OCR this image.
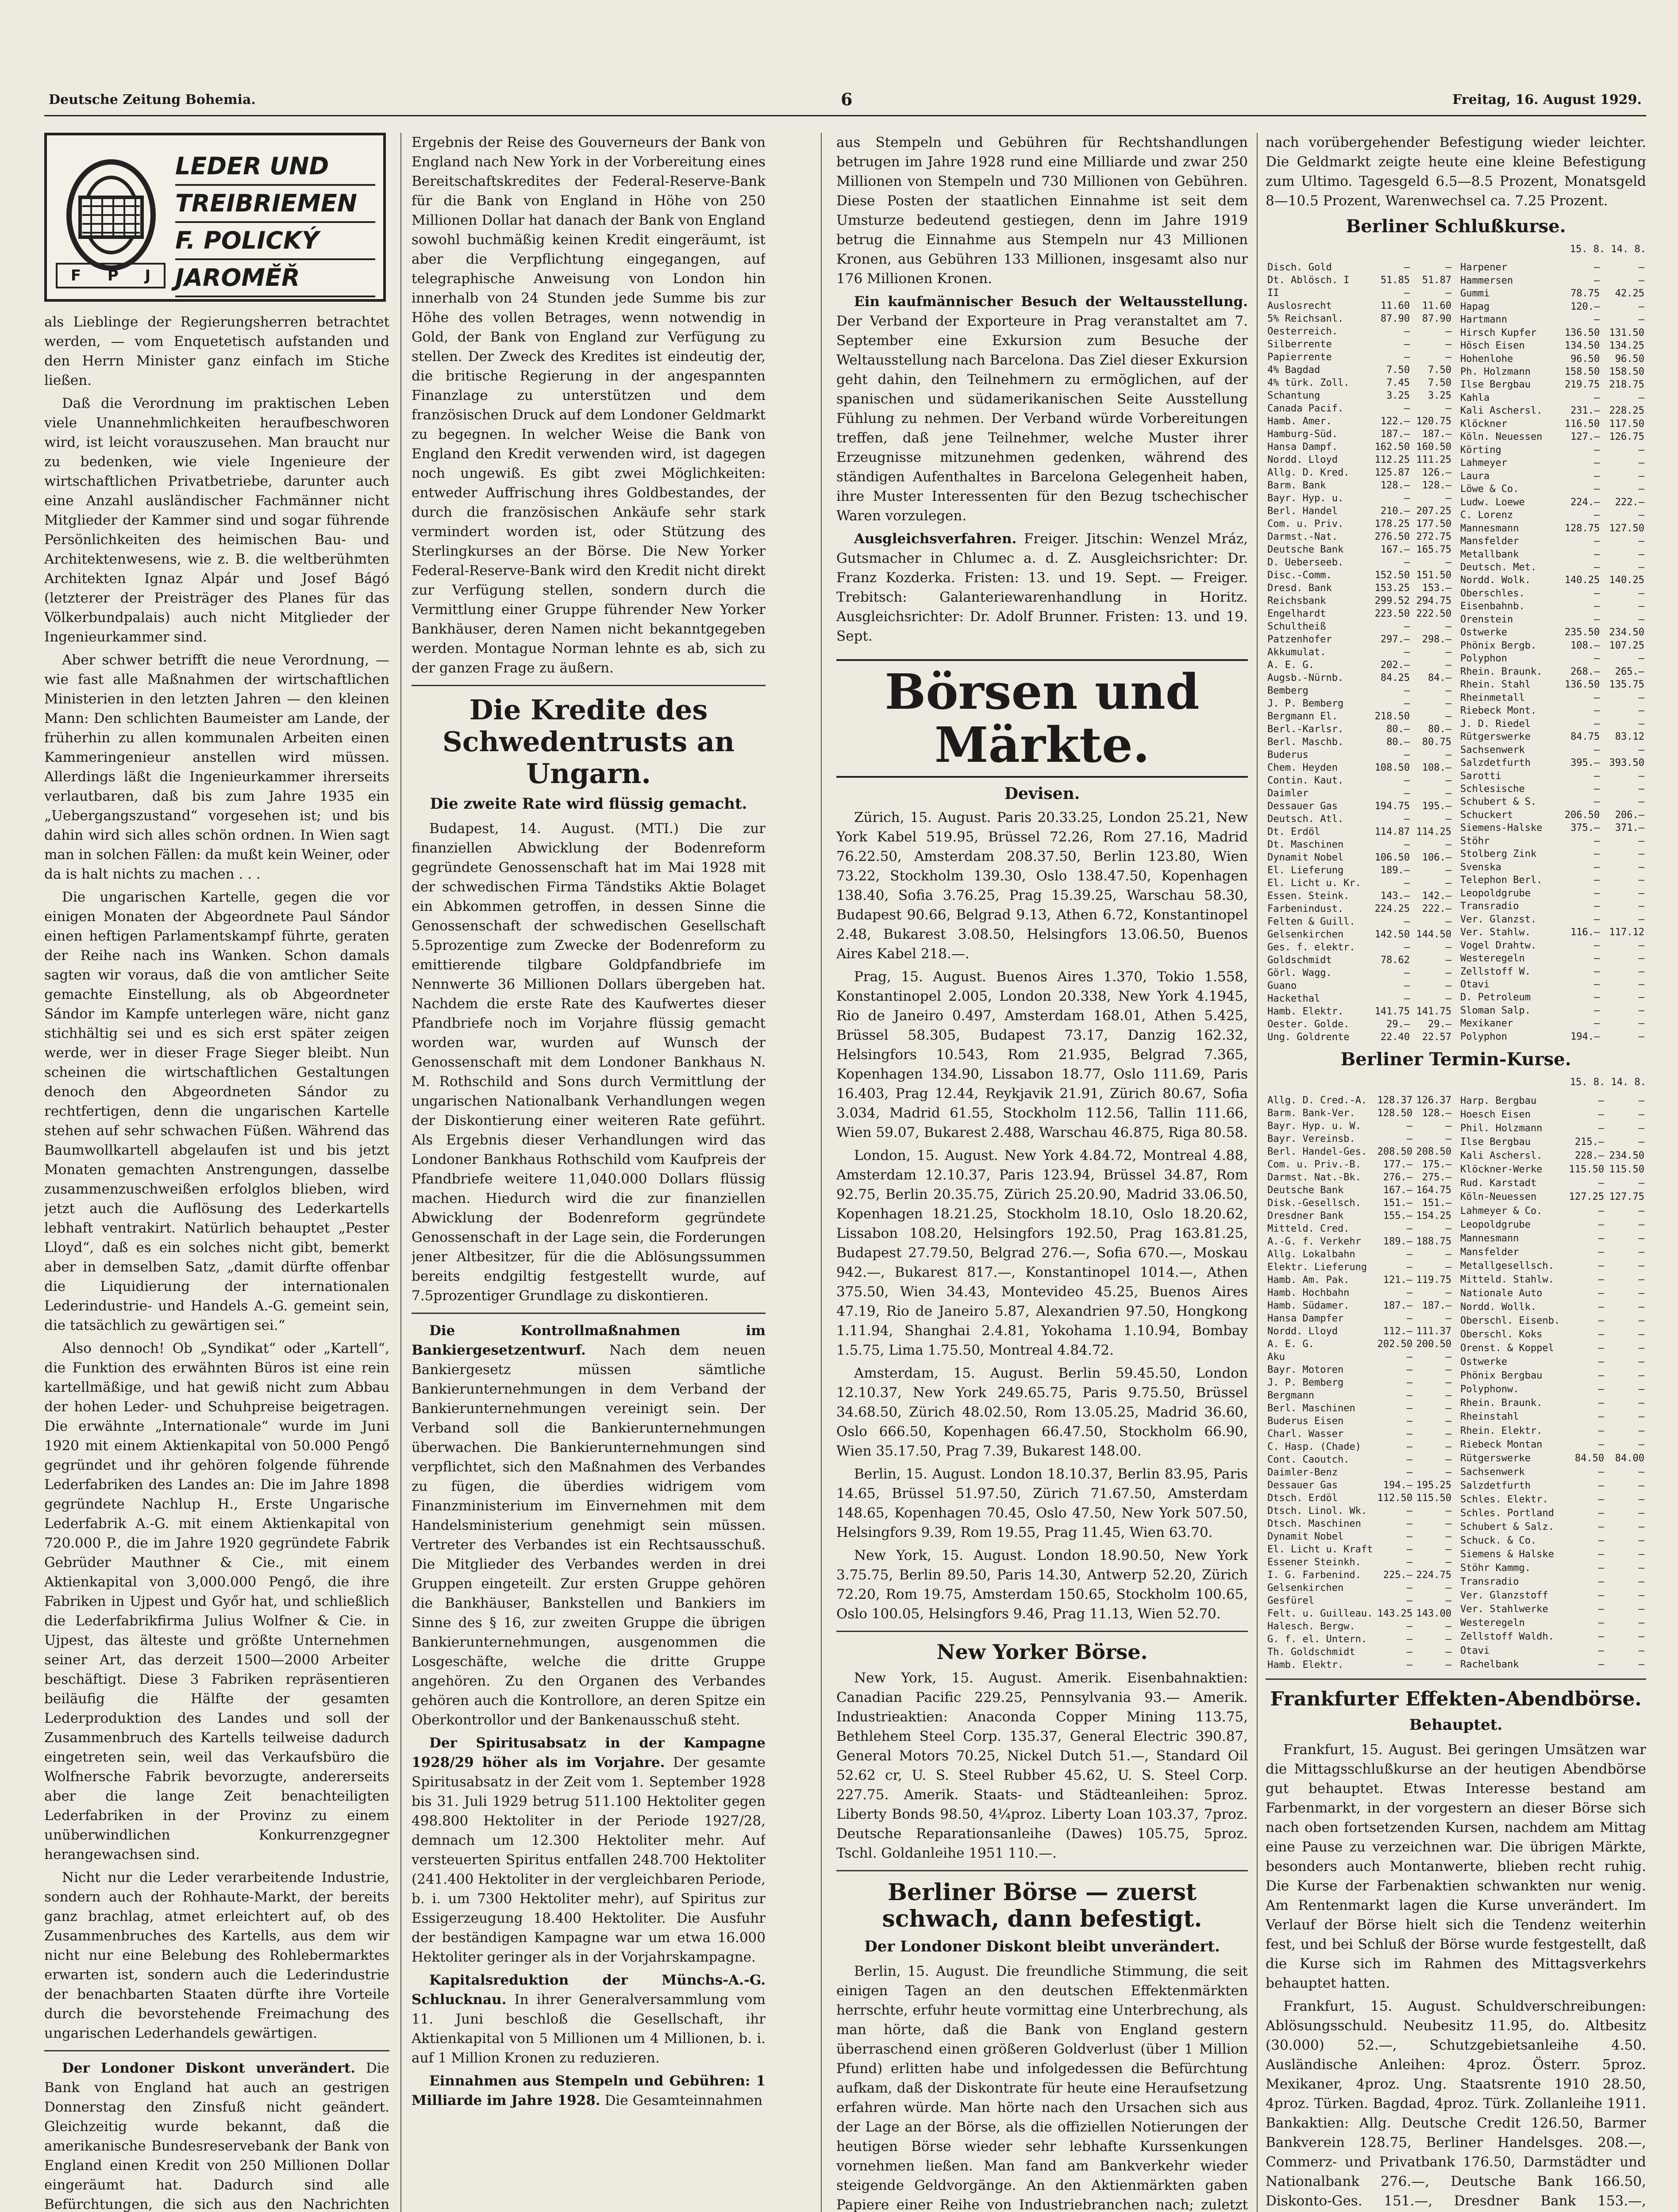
Deutsche Zeitung Bohemia.	6	Freitag, 16. August 1929.
LEDER UND
TREIBRIEMEN
F. POLICKÝ
JAROMĚŘ
F P J

als Lieblinge der Regierungsherren betrachtet werden, — vom Enquetetisch aufstanden und den Herrn Minister ganz einfach im Stiche ließen.

Daß die Verordnung im praktischen Leben viele Unannehmlichkeiten heraufbeschworen wird, ist leicht vorauszusehen. Man braucht nur zu bedenken, wie viele Ingenieure der wirtschaftlichen Privatbetriebe, darunter auch eine Anzahl ausländischer Fachmänner nicht Mitglieder der Kammer sind und sogar führende Persönlichkeiten des heimischen Bau- und Architektenwesens, wie z. B. die weltberühmten Architekten Ignaz Alpár und Josef Bágó (letzterer der Preisträger des Planes für das Völkerbundpalais) auch nicht Mitglieder der Ingenieurkammer sind.

Aber schwer betrifft die neue Verordnung, — wie fast alle Maßnahmen der wirtschaftlichen Ministerien in den letzten Jahren — den kleinen Mann: Den schlichten Baumeister am Lande, der früherhin zu allen kommunalen Arbeiten einen Kammeringenieur anstellen wird müssen. Allerdings läßt die Ingenieurkammer ihrerseits verlautbaren, daß bis zum Jahre 1935 ein „Uebergangszustand“ vorgesehen ist; und bis dahin wird sich alles schön ordnen. In Wien sagt man in solchen Fällen: da mußt kein Weiner, oder da is halt nichts zu machen . . .

Die ungarischen Kartelle, gegen die vor einigen Monaten der Abgeordnete Paul Sándor einen heftigen Parlamentskampf führte, geraten der Reihe nach ins Wanken. Schon damals sagten wir voraus, daß die von amtlicher Seite gemachte Einstellung, als ob Abgeordneter Sándor im Kampfe unterlegen wäre, nicht ganz stichhältig sei und es sich erst später zeigen werde, wer in dieser Frage Sieger bleibt. Nun scheinen die wirtschaftlichen Gestaltungen denoch den Abgeordneten Sándor zu rechtfertigen, denn die ungarischen Kartelle stehen auf sehr schwachen Füßen. Während das Baumwollkartell abgelaufen ist und bis jetzt Monaten gemachten Anstrengungen, dasselbe zusammenzuschweißen erfolglos blieben, wird jetzt auch die Auflösung des Lederkartells lebhaft ventrakirt. Natürlich behauptet „Pester Lloyd“, daß es ein solches nicht gibt, bemerkt aber in demselben Satz, „damit dürfte offenbar die Liquidierung der internationalen Lederindustrie- und Handels A.-G. gemeint sein, die tatsächlich zu gewärtigen sei.“

Also dennoch! Ob „Syndikat“ oder „Kartell“, die Funktion des erwähnten Büros ist eine rein kartellmäßige, und hat gewiß nicht zum Abbau der hohen Leder- und Schuhpreise beigetragen. Die erwähnte „Internationale“ wurde im Juni 1920 mit einem Aktienkapital von 50.000 Pengő gegründet und ihr gehören folgende führende Lederfabriken des Landes an: Die im Jahre 1898 gegründete Nachlup H., Erste Ungarische Lederfabrik A.-G. mit einem Aktienkapital von 720.000 P., die im Jahre 1920 gegründete Fabrik Gebrüder Mauthner & Cie., mit einem Aktienkapital von 3,000.000 Pengő, die ihre Fabriken in Ujpest und Győr hat, und schließlich die Lederfabrikfirma Julius Wolfner & Cie. in Ujpest, das älteste und größte Unternehmen seiner Art, das derzeit 1500—2000 Arbeiter beschäftigt. Diese 3 Fabriken repräsentieren beiläufig die Hälfte der gesamten Lederproduktion des Landes und soll der Zusammenbruch des Kartells teilweise dadurch eingetreten sein, weil das Verkaufsbüro die Wolfnersche Fabrik bevorzugte, andererseits aber die lange Zeit benachteiligten Lederfabriken in der Provinz zu einem unüberwindlichen Konkurrenzgegner herangewachsen sind.

Nicht nur die Leder verarbeitende Industrie, sondern auch der Rohhaute-Markt, der bereits ganz brachlag, atmet erleichtert auf, ob des Zusammenbruches des Kartells, aus dem wir nicht nur eine Belebung des Rohlebermarktes erwarten ist, sondern auch die Lederindustrie der benachbarten Staaten dürfte ihre Vorteile durch die bevorstehende Freimachung des ungarischen Lederhandels gewärtigen.

Der Londoner Diskont unverändert. Die Bank von England hat auch an gestrigen Donnerstag den Zinsfuß nicht geändert. Gleichzeitig wurde bekannt, daß die amerikanische Bundesreservebank der Bank von England einen Kredit von 250 Millionen Dollar eingeräumt hat. Dadurch sind alle Befürchtungen, die sich aus den Nachrichten

Ergebnis der Reise des Gouverneurs der Bank von England nach New York in der Vorbereitung eines Bereitschaftskredites der Federal-Reserve-Bank für die Bank von England in Höhe von 250 Millionen Dollar hat danach der Bank von England sowohl buchmäßig keinen Kredit eingeräumt, ist aber die Verpflichtung eingegangen, auf telegraphische Anweisung von London hin innerhalb von 24 Stunden jede Summe bis zur Höhe des vollen Betrages, wenn notwendig in Gold, der Bank von England zur Verfügung zu stellen. Der Zweck des Kredites ist eindeutig der, die britische Regierung in der angespannten Finanzlage zu unterstützen und dem französischen Druck auf dem Londoner Geldmarkt zu begegnen. In welcher Weise die Bank von England den Kredit verwenden wird, ist dagegen noch ungewiß. Es gibt zwei Möglichkeiten: entweder Auffrischung ihres Goldbestandes, der durch die französischen Ankäufe sehr stark vermindert worden ist, oder Stützung des Sterlingkurses an der Börse. Die New Yorker Federal-Reserve-Bank wird den Kredit nicht direkt zur Verfügung stellen, sondern durch die Vermittlung einer Gruppe führender New Yorker Bankhäuser, deren Namen nicht bekanntgegeben werden. Montague Norman lehnte es ab, sich zu der ganzen Frage zu äußern.

Die Kredite des Schwedentrusts an Ungarn.
Die zweite Rate wird flüssig gemacht.

Budapest, 14. August. (MTI.) Die zur finanziellen Abwicklung der Bodenreform gegründete Genossenschaft hat im Mai 1928 mit der schwedischen Firma Tändstiks Aktie Bolaget ein Abkommen getroffen, in dessen Sinne die Genossenschaft der schwedischen Gesellschaft 5.5prozentige zum Zwecke der Bodenreform zu emittierende tilgbare Goldpfandbriefe im Nennwerte 36 Millionen Dollars übergeben hat. Nachdem die erste Rate des Kaufwertes dieser Pfandbriefe noch im Vorjahre flüssig gemacht worden war, wurden auf Wunsch der Genossenschaft mit dem Londoner Bankhaus N. M. Rothschild and Sons durch Vermittlung der ungarischen Nationalbank Verhandlungen wegen der Diskontierung einer weiteren Rate geführt. Als Ergebnis dieser Verhandlungen wird das Londoner Bankhaus Rothschild vom Kaufpreis der Pfandbriefe weitere 11,040.000 Dollars flüssig machen. Hiedurch wird die zur finanziellen Abwicklung der Bodenreform gegründete Genossenschaft in der Lage sein, die Forderungen jener Altbesitzer, für die die Ablösungssummen bereits endgiltig festgestellt wurde, auf 7.5prozentiger Grundlage zu diskontieren.

Die Kontrollmaßnahmen im Bankiergesetzentwurf. Nach dem neuen Bankiergesetz müssen sämtliche Bankierunternehmungen in dem Verband der Bankierunternehmungen vereinigt sein. Der Verband soll die Bankierunternehmungen überwachen. Die Bankierunternehmungen sind verpflichtet, sich den Maßnahmen des Verbandes zu fügen, die überdies widrigem vom Finanzministerium im Einvernehmen mit dem Handelsministerium genehmigt sein müssen. Vertreter des Verbandes ist ein Rechtsausschuß. Die Mitglieder des Verbandes werden in drei Gruppen eingeteilt. Zur ersten Gruppe gehören die Bankhäuser, Bankstellen und Bankiers im Sinne des § 16, zur zweiten Gruppe die übrigen Bankierunternehmungen, ausgenommen die Losgeschäfte, welche die dritte Gruppe angehören. Zu den Organen des Verbandes gehören auch die Kontrollore, an deren Spitze ein Oberkontrollor und der Bankenausschuß steht.

Der Spiritusabsatz in der Kampagne 1928/29 höher als im Vorjahre. Der gesamte Spiritusabsatz in der Zeit vom 1. September 1928 bis 31. Juli 1929 betrug 511.100 Hektoliter gegen 498.800 Hektoliter in der Periode 1927/28, demnach um 12.300 Hektoliter mehr. Auf versteuerten Spiritus entfallen 248.700 Hektoliter (241.400 Hektoliter in der vergleichbaren Periode, b. i. um 7300 Hektoliter mehr), auf Spiritus zur Essigerzeugung 18.400 Hektoliter. Die Ausfuhr der beständigen Kampagne war um etwa 16.000 Hektoliter geringer als in der Vorjahrskampagne.

Kapitalsreduktion der Münchs-A.-G. Schlucknau. In ihrer Generalversammlung vom 11. Juni beschloß die Gesellschaft, ihr Aktienkapital von 5 Millionen um 4 Millionen, b. i. auf 1 Million Kronen zu reduzieren.

Einnahmen aus Stempeln und Gebühren: 1 Milliarde im Jahre 1928. Die Gesamteinnahmen

aus Stempeln und Gebühren für Rechtshandlungen betrugen im Jahre 1928 rund eine Milliarde und zwar 250 Millionen von Stempeln und 730 Millionen von Gebühren. Diese Posten der staatlichen Einnahme ist seit dem Umsturze bedeutend gestiegen, denn im Jahre 1919 betrug die Einnahme aus Stempeln nur 43 Millionen Kronen, aus Gebühren 133 Millionen, insgesamt also nur 176 Millionen Kronen.

Ein kaufmännischer Besuch der Weltausstellung. Der Verband der Exporteure in Prag veranstaltet am 7. September eine Exkursion zum Besuche der Weltausstellung nach Barcelona. Das Ziel dieser Exkursion geht dahin, den Teilnehmern zu ermöglichen, auf der spanischen und südamerikanischen Seite Ausstellung Fühlung zu nehmen. Der Verband würde Vorbereitungen treffen, daß jene Teilnehmer, welche Muster ihrer Erzeugnisse mitzunehmen gedenken, während des ständigen Aufenthaltes in Barcelona Gelegenheit haben, ihre Muster Interessenten für den Bezug tschechischer Waren vorzulegen.

Ausgleichsverfahren. Freiger. Jitschin: Wenzel Mráz, Gutsmacher in Chlumec a. d. Z. Ausgleichsrichter: Dr. Franz Kozderka. Fristen: 13. und 19. Sept. — Freiger. Trebitsch: Galanteriewarenhandlung in Horitz. Ausgleichsrichter: Dr. Adolf Brunner. Fristen: 13. und 19. Sept.

Börsen und Märkte.
Devisen.

Zürich, 15. August. Paris 20.33.25, London 25.21, New York Kabel 519.95, Brüssel 72.26, Rom 27.16, Madrid 76.22.50, Amsterdam 208.37.50, Berlin 123.80, Wien 73.22, Stockholm 139.30, Oslo 138.47.50, Kopenhagen 138.40, Sofia 3.76.25, Prag 15.39.25, Warschau 58.30, Budapest 90.66, Belgrad 9.13, Athen 6.72, Konstantinopel 2.48, Bukarest 3.08.50, Helsingfors 13.06.50, Buenos Aires Kabel 218.—.

Prag, 15. August. Buenos Aires 1.370, Tokio 1.558, Konstantinopel 2.005, London 20.338, New York 4.1945, Rio de Janeiro 0.497, Amsterdam 168.01, Athen 5.425, Brüssel 58.305, Budapest 73.17, Danzig 162.32, Helsingfors 10.543, Rom 21.935, Belgrad 7.365, Kopenhagen 134.90, Lissabon 18.77, Oslo 111.69, Paris 16.403, Prag 12.44, Reykjavik 21.91, Zürich 80.67, Sofia 3.034, Madrid 61.55, Stockholm 112.56, Tallin 111.66, Wien 59.07, Bukarest 2.488, Warschau 46.875, Riga 80.58.

London, 15. August. New York 4.84.72, Montreal 4.88, Amsterdam 12.10.37, Paris 123.94, Brüssel 34.87, Rom 92.75, Berlin 20.35.75, Zürich 25.20.90, Madrid 33.06.50, Kopenhagen 18.21.25, Stockholm 18.10, Oslo 18.20.62, Lissabon 108.20, Helsingfors 192.50, Prag 163.81.25, Budapest 27.79.50, Belgrad 276.—, Sofia 670.—, Moskau 942.—, Bukarest 817.—, Konstantinopel 1014.—, Athen 375.50, Wien 34.43, Montevideo 45.25, Buenos Aires 47.19, Rio de Janeiro 5.87, Alexandrien 97.50, Hongkong 1.11.94, Shanghai 2.4.81, Yokohama 1.10.94, Bombay 1.5.75, Lima 1.75.50, Montreal 4.84.72.

Amsterdam, 15. August. Berlin 59.45.50, London 12.10.37, New York 249.65.75, Paris 9.75.50, Brüssel 34.68.50, Zürich 48.02.50, Rom 13.05.25, Madrid 36.60, Oslo 666.50, Kopenhagen 66.47.50, Stockholm 66.90, Wien 35.17.50, Prag 7.39, Bukarest 148.00.

Berlin, 15. August. London 18.10.37, Berlin 83.95, Paris 14.65, Brüssel 51.97.50, Zürich 71.67.50, Amsterdam 148.65, Kopenhagen 70.45, Oslo 47.50, New York 507.50, Helsingfors 9.39, Rom 19.55, Prag 11.45, Wien 63.70.

New York, 15. August. London 18.90.50, New York 3.75.75, Berlin 89.50, Paris 14.30, Antwerp 52.20, Zürich 72.20, Rom 19.75, Amsterdam 150.65, Stockholm 100.65, Oslo 100.05, Helsingfors 9.46, Prag 11.13, Wien 52.70.

New Yorker Börse.

New York, 15. August. Amerik. Eisenbahnaktien: Canadian Pacific 229.25, Pennsylvania 93.— Amerik. Industrieaktien: Anaconda Copper Mining 113.75, Bethlehem Steel Corp. 135.37, General Electric 390.87, General Motors 70.25, Nickel Dutch 51.—, Standard Oil 52.62 cr, U. S. Steel Rubber 45.62, U. S. Steel Corp. 227.75. Amerik. Staats- und Städteanleihen: 5proz. Liberty Bonds 98.50, 4¼proz. Liberty Loan 103.37, 7proz. Deutsche Reparationsanleihe (Dawes) 105.75, 5proz. Tschl. Goldanleihe 1951 110.—.

Berliner Börse — zuerst schwach, dann befestigt.
Der Londoner Diskont bleibt unverändert.

Berlin, 15. August. Die freundliche Stimmung, die seit einigen Tagen an den deutschen Effektenmärkten herrschte, erfuhr heute vormittag eine Unterbrechung, als man hörte, daß die Bank von England gestern überraschend einen größeren Goldverlust (über 1 Million Pfund) erlitten habe und infolgedessen die Befürchtung aufkam, daß der Diskontrate für heute eine Heraufsetzung erfahren würde. Man hörte nach den Ursachen sich aus der Lage an der Börse, als die offiziellen Notierungen der heutigen Börse wieder sehr lebhafte Kurssenkungen vornehmen ließen. Man fand am Bankverkehr wieder steigende Geldvorgänge. An den Aktienmärkten gaben Papiere einer Reihe von Industriebranchen nach; zuletzt

nach vorübergehender Befestigung wieder leichter. Die Geldmarkt zeigte heute eine kleine Befestigung zum Ultimo. Tagesgeld 6.5—8.5 Prozent, Monatsgeld 8—10.5 Prozent, Warenwechsel ca. 7.25 Prozent.

Berliner Schlußkurse.
15. 8. 14. 8.
Disch. Gold	—	—
Dt. Ablösch. I	51.85	51.87
II	—	—
Auslosrecht	11.60	11.60
5% Reichsanl.	87.90	87.90
Oesterreich.	—	—
Silberrente	—	—
Papierrente	—	—
4% Bagdad	7.50	7.50
4% türk. Zoll.	7.45	7.50
Schantung	3.25	3.25
Canada Pacif.	—	—
Hamb. Amer.	122.—	120.75
Hamburg-Süd.	187.—	187.—
Hansa Dampf.	162.50	160.50
Nordd. Lloyd	112.25	111.25
Allg. D. Kred.	125.87	126.—
Barm. Bank	128.—	128.—
Bayr. Hyp. u.	—	—
Berl. Handel	210.—	207.25
Com. u. Priv.	178.25	177.50
Darmst.-Nat.	276.50	272.75
Deutsche Bank	167.—	165.75
D. Ueberseeb.	—	—
Disc.-Comm.	152.50	151.50
Dresd. Bank	153.25	153.—
Reichsbank	299.52	294.75
Engelhardt	223.50	222.50
Schultheiß	—	—
Patzenhofer	297.—	298.—
Akkumulat.	—	—
A. E. G.	202.—	—
Augsb.-Nürnb.	84.25	84.—
Bemberg	—	—
J. P. Bemberg	—	—
Bergmann El.	218.50	—
Berl.-Karlsr.	80.—	80.—
Berl. Maschb.	80.—	80.75
Buderus	—	—
Chem. Heyden	108.50	108.—
Contin. Kaut.	—	—
Daimler	—	—
Dessauer Gas	194.75	195.—
Deutsch. Atl.	—	—
Dt. Erdöl	114.87	114.25
Dt. Maschinen	—	—
Dynamit Nobel	106.50	106.—
El. Lieferung	189.—	—
El. Licht u. Kr.	—	—
Essen. Steink.	143.—	142.—
Farbenindust.	224.25	222.—
Felten & Guill.	—	—
Gelsenkirchen	142.50	144.50
Ges. f. elektr.	—	—
Goldschmidt	78.62	—
Görl. Wagg.	—	—
Guano	—	—
Hackethal	—	—
Hamb. Elektr.	141.75	141.75
Oester. Golde.	29.—	29.—
Ung. Goldrente	22.40	22.57
Harpener	—	—
Hammersen	—	—
Gummi	78.75	42.25
Hapag	120.—	—
Hartmann	—	—
Hirsch Kupfer	136.50	131.50
Hösch Eisen	134.50	134.25
Hohenlohe	96.50	96.50
Ph. Holzmann	158.50	158.50
Ilse Bergbau	219.75	218.75
Kahla	—	—
Kali Aschersl.	231.—	228.25
Klöckner	116.50	117.50
Köln. Neuessen	127.—	126.75
Körting	—	—
Lahmeyer	—	—
Laura	—	—
Löwe & Co.	—	—
Ludw. Loewe	224.—	222.—
C. Lorenz	—	—
Mannesmann	128.75	127.50
Mansfelder	—	—
Metallbank	—	—
Deutsch. Met.	—	—
Nordd. Wolk.	140.25	140.25
Oberschles.	—	—
Eisenbahnb.	—	—
Orenstein	—	—
Ostwerke	235.50	234.50
Phönix Bergb.	108.—	107.25
Polyphon	—	—
Rhein. Braunk.	268.—	265.—
Rhein. Stahl	136.50	135.75
Rheinmetall	—	—
Riebeck Mont.	—	—
J. D. Riedel	—	—
Rütgerswerke	84.75	83.12
Sachsenwerk	—	—
Salzdetfurth	395.—	393.50
Sarotti	—	—
Schlesische	—	—
Schubert & S.	—	—
Schuckert	206.50	206.—
Siemens-Halske	375.—	371.—
Stöhr	—	—
Stolberg Zink	—	—
Svenska	—	—
Telephon Berl.	—	—
Leopoldgrube	—	—
Transradio	—	—
Ver. Glanzst.	—	—
Ver. Stahlw.	116.—	117.12
Vogel Drahtw.	—	—
Westeregeln	—	—
Zellstoff W.	—	—
Otavi	—	—
D. Petroleum	—	—
Sloman Salp.	—	—
Mexikaner	—	—
Polyphon	194.—	—
Berliner Termin-Kurse.
15. 8. 14. 8.
Allg. D. Cred.-A.	128.37	126.37
Barm. Bank-Ver.	128.50	128.—
Bayr. Hyp. u. W.	—	—
Bayr. Vereinsb.	—	—
Berl. Handel-Ges.	208.50	208.50
Com. u. Priv.-B.	177.—	175.—
Darmst. Nat.-Bk.	276.—	275.—
Deutsche Bank	167.—	164.75
Disk.-Gesellsch.	151.—	151.—
Dresdner Bank	155.—	154.25
Mitteld. Cred.	—	—
A.-G. f. Verkehr	189.—	188.75
Allg. Lokalbahn	—	—
Elektr. Lieferung	—	—
Hamb. Am. Pak.	121.—	119.75
Hamb. Hochbahn	—	—
Hamb. Südamer.	187.—	187.—
Hansa Dampfer	—	—
Nordd. Lloyd	112.—	111.37
A. E. G.	202.50	200.50
Aku	—	—
Bayr. Motoren	—	—
J. P. Bemberg	—	—
Bergmann	—	—
Berl. Maschinen	—	—
Buderus Eisen	—	—
Charl. Wasser	—	—
C. Hasp. (Chade)	—	—
Cont. Caoutch.	—	—
Daimler-Benz	—	—
Dessauer Gas	194.—	195.25
Dtsch. Erdöl	112.50	115.50
Dtsch. Linol. Wk.	—	—
Dtsch. Maschinen	—	—
Dynamit Nobel	—	—
El. Licht u. Kraft	—	—
Essener Steinkh.	—	—
I. G. Farbenind.	225.—	224.75
Gelsenkirchen	—	—
Gesfürel	—	—
Felt. u. Guilleau.	143.25	143.00
Halesch. Bergw.	—	—
G. f. el. Untern.	—	—
Th. Goldschmidt	—	—
Hamb. Elektr.	—	—
Harp. Bergbau	—	—
Hoesch Eisen	—	—
Phil. Holzmann	—	—
Ilse Bergbau	215.—	—
Kali Aschersl.	228.—	234.50
Klöckner-Werke	115.50	115.50
Rud. Karstadt	—	—
Köln-Neuessen	127.25	127.75
Lahmeyer & Co.	—	—
Leopoldgrube	—	—
Mannesmann	—	—
Mansfelder	—	—
Metallgesellsch.	—	—
Mitteld. Stahlw.	—	—
Nationale Auto	—	—
Nordd. Wollk.	—	—
Oberschl. Eisenb.	—	—
Oberschl. Koks	—	—
Orenst. & Koppel	—	—
Ostwerke	—	—
Phönix Bergbau	—	—
Polyphonw.	—	—
Rhein. Braunk.	—	—
Rheinstahl	—	—
Rhein. Elektr.	—	—
Riebeck Montan	—	—
Rütgerswerke	84.50	84.00
Sachsenwerk	—	—
Salzdetfurth	—	—
Schles. Elektr.	—	—
Schles. Portland	—	—
Schubert & Salz.	—	—
Schuck. & Co.	—	—
Siemens & Halske	—	—
Stöhr Kammg.	—	—
Transradio	—	—
Ver. Glanzstoff	—	—
Ver. Stahlwerke	—	—
Westeregeln	—	—
Zellstoff Waldh.	—	—
Otavi	—	—
Rachelbank	—	—
Frankfurter Effekten-Abendbörse.
Behauptet.

Frankfurt, 15. August. Bei geringen Umsätzen war die Mittagsschlußkurse an der heutigen Abendbörse gut behauptet. Etwas Interesse bestand am Farbenmarkt, in der vorgestern an dieser Börse sich nach oben fortsetzenden Kursen, nachdem am Mittag eine Pause zu verzeichnen war. Die übrigen Märkte, besonders auch Montanwerte, blieben recht ruhig. Die Kurse der Farbenaktien schwankten nur wenig. Am Rentenmarkt lagen die Kurse unverändert. Im Verlauf der Börse hielt sich die Tendenz weiterhin fest, und bei Schluß der Börse wurde festgestellt, daß die Kurse sich im Rahmen des Mittagsverkehrs behauptet hatten.

Frankfurt, 15. August. Schuldverschreibungen: Ablösungsschuld. Neubesitz 11.95, do. Altbesitz (30.000) 52.—, Schutzgebietsanleihe 4.50. Ausländische Anleihen: 4proz. Österr. 5proz. Mexikaner, 4proz. Ung. Staatsrente 1910 28.50, 4proz. Türken. Bagdad, 4proz. Türk. Zollanleihe 1911. Bankaktien: Allg. Deutsche Credit 126.50, Barmer Bankverein 128.75, Berliner Handelsges. 208.—, Commerz- und Privatbank 176.50, Darmstädter und Nationalbank 276.—, Deutsche Bank 166.50, Diskonto-Ges. 151.—, Dresdner Bank 153.—,
